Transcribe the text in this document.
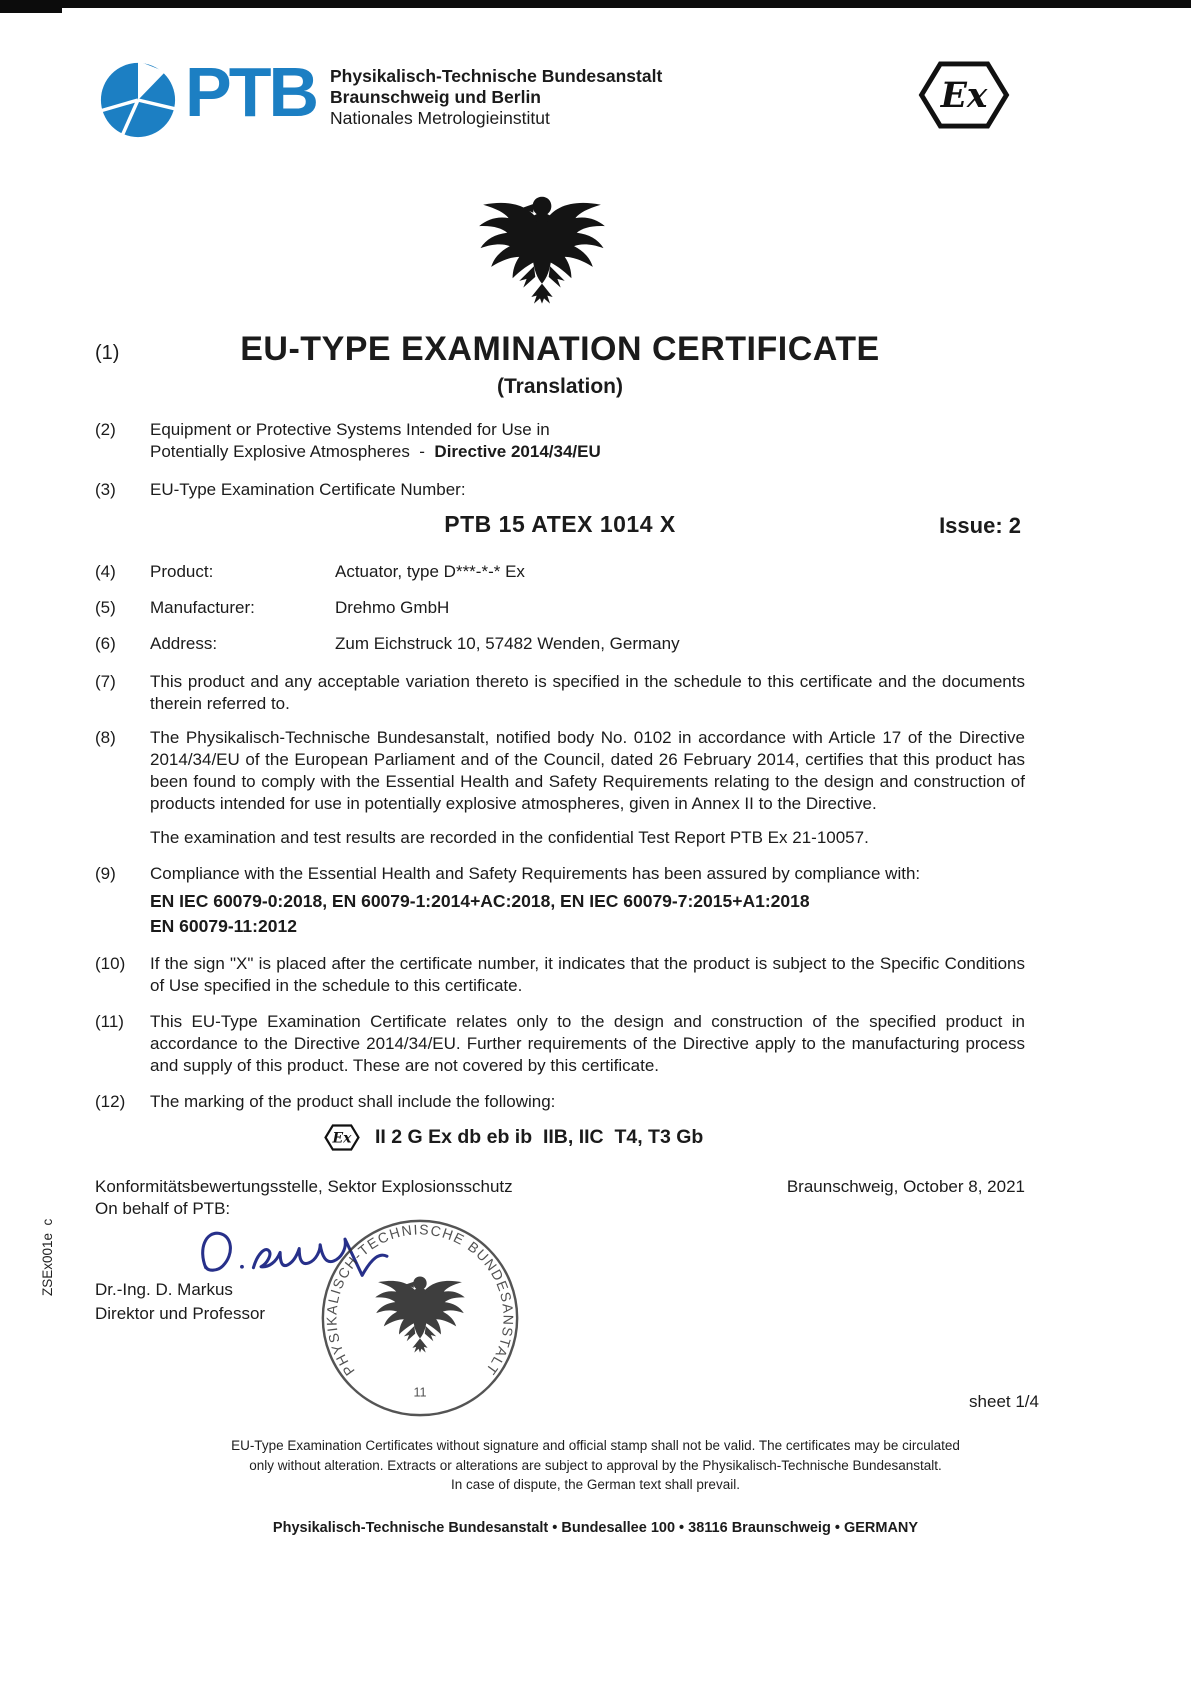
PTB Physikalisch-Technische Bundesanstalt
Braunschweig und Berlin
Nationales Metrologieinstitut
Ex
(1)	EU-TYPE EXAMINATION CERTIFICATE
(Translation)
(2)	Equipment or Protective Systems Intended for Use in
Potentially Explosive Atmospheres  -  Directive 2014/34/EU
(3)	EU-Type Examination Certificate Number:
PTB 15 ATEX 1014 X	Issue: 2
(4)	Product:	Actuator, type D***-*-* Ex
(5)	Manufacturer:	Drehmo GmbH
(6)	Address:	Zum Eichstruck 10, 57482 Wenden, Germany
(7)	This product and any acceptable variation thereto is specified in the schedule to this certificate and the documents therein referred to.
(8)	The Physikalisch-Technische Bundesanstalt, notified body No. 0102 in accordance with Article 17 of the Directive 2014/34/EU of the European Parliament and of the Council, dated 26 February 2014, certifies that this product has been found to comply with the Essential Health and Safety Requirements relating to the design and construction of products intended for use in potentially explosive atmospheres, given in Annex II to the Directive.
The examination and test results are recorded in the confidential Test Report PTB Ex 21-10057.
(9)	Compliance with the Essential Health and Safety Requirements has been assured by compliance with:
EN IEC 60079-0:2018, EN 60079-1:2014+AC:2018, EN IEC 60079-7:2015+A1:2018
EN 60079-11:2012
(10)	If the sign "X" is placed after the certificate number, it indicates that the product is subject to the Specific Conditions of Use specified in the schedule to this certificate.
(11)	This EU-Type Examination Certificate relates only to the design and construction of the specified product in accordance to the Directive 2014/34/EU. Further requirements of the Directive apply to the manufacturing process and supply of this product. These are not covered by this certificate.
(12)	The marking of the product shall include the following:
Ex II 2 G Ex db eb ib  IIB, IIC  T4, T3 Gb
Konformitätsbewertungsstelle, Sektor Explosionsschutz	Braunschweig, October 8, 2021
On behalf of PTB:
Dr.-Ing. D. Markus
Direktor und Professor
PHYSIKALISCH-TECHNISCHE BUNDESANSTALT
11	sheet 1/4
EU-Type Examination Certificates without signature and official stamp shall not be valid. The certificates may be circulated
only without alteration. Extracts or alterations are subject to approval by the Physikalisch-Technische Bundesanstalt.
In case of dispute, the German text shall prevail.
Physikalisch-Technische Bundesanstalt • Bundesallee 100 • 38116 Braunschweig • GERMANY
ZSEx001e  c
